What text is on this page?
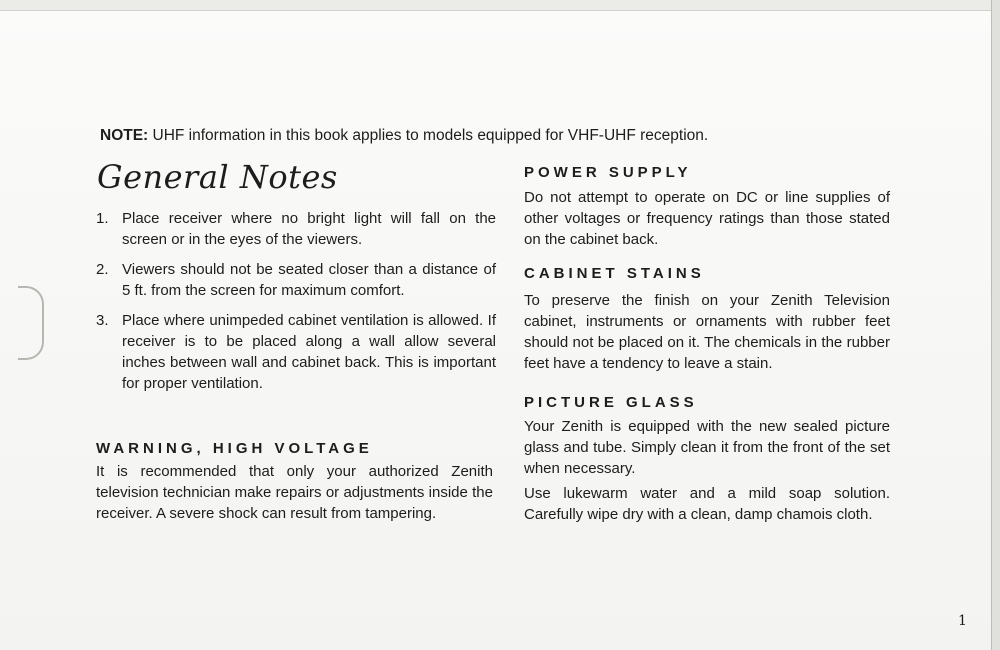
NOTE: UHF information in this book applies to models equipped for VHF-UHF reception.
General Notes
1. Place receiver where no bright light will fall on the screen or in the eyes of the viewers.
2. Viewers should not be seated closer than a distance of 5 ft. from the screen for maximum comfort.
3. Place where unimpeded cabinet ventilation is allowed. If receiver is to be placed along a wall allow several inches between wall and cabinet back. This is important for proper ventilation.
WARNING, HIGH VOLTAGE

It is recommended that only your authorized Zenith television technician make repairs or adjustments inside the receiver. A severe shock can result from tampering.

POWER SUPPLY

Do not attempt to operate on DC or line supplies of other voltages or frequency ratings than those stated on the cabinet back.

CABINET STAINS

To preserve the finish on your Zenith Television cabinet, instruments or ornaments with rubber feet should not be placed on it. The chemicals in the rubber feet have a tendency to leave a stain.

PICTURE GLASS

Your Zenith is equipped with the new sealed picture glass and tube. Simply clean it from the front of the set when necessary.

Use lukewarm water and a mild soap solution. Carefully wipe dry with a clean, damp chamois cloth.

1
